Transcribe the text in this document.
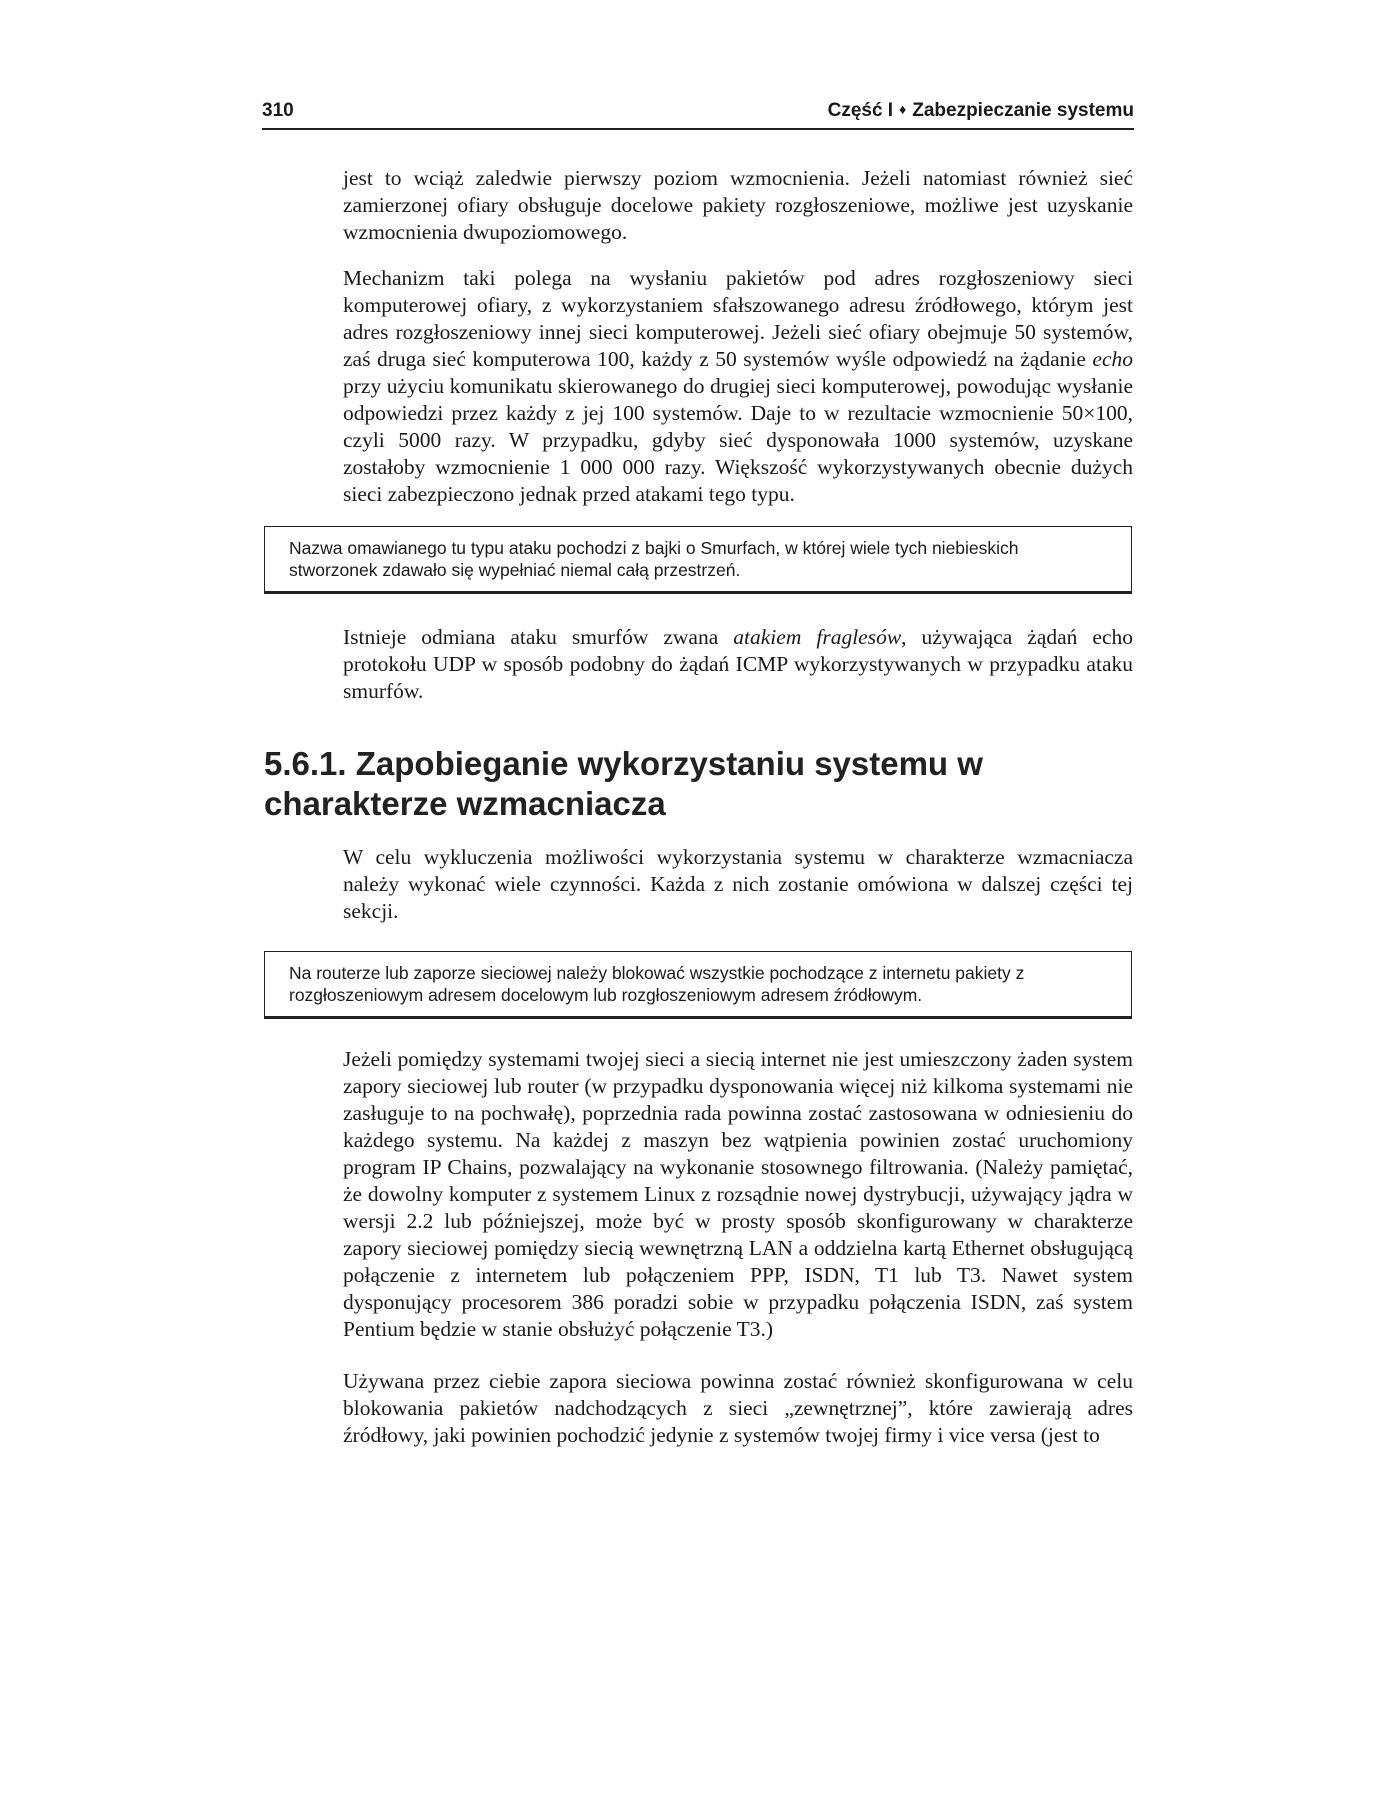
310	Część I ♦ Zabezpieczanie systemu

jest to wciąż zaledwie pierwszy poziom wzmocnienia. Jeżeli natomiast również sieć zamierzonej ofiary obsługuje docelowe pakiety rozgłoszeniowe, możliwe jest uzyskanie wzmocnienia dwupoziomowego.

Mechanizm taki polega na wysłaniu pakietów pod adres rozgłoszeniowy sieci komputerowej ofiary, z wykorzystaniem sfałszowanego adresu źródłowego, którym jest adres rozgłoszeniowy innej sieci komputerowej. Jeżeli sieć ofiary obejmuje 50 systemów, zaś druga sieć komputerowa 100, każdy z 50 systemów wyśle odpowiedź na żądanie echo przy użyciu komunikatu skierowanego do drugiej sieci komputerowej, powodując wysłanie odpowiedzi przez każdy z jej 100 systemów. Daje to w rezultacie wzmocnienie 50×100, czyli 5000 razy. W przypadku, gdyby sieć dysponowała 1000 systemów, uzyskane zostałoby wzmocnienie 1 000 000 razy. Większość wykorzystywanych obecnie dużych sieci zabezpieczono jednak przed atakami tego typu.

Nazwa omawianego tu typu ataku pochodzi z bajki o Smurfach, w której wiele tych niebieskich stworzonek zdawało się wypełniać niemal całą przestrzeń.

Istnieje odmiana ataku smurfów zwana atakiem fraglesów, używająca żądań echo protokołu UDP w sposób podobny do żądań ICMP wykorzystywanych w przypadku ataku smurfów.

5.6.1. Zapobieganie wykorzystaniu systemu w charakterze wzmacniacza

W celu wykluczenia możliwości wykorzystania systemu w charakterze wzmacniacza należy wykonać wiele czynności. Każda z nich zostanie omówiona w dalszej części tej sekcji.

Na routerze lub zaporze sieciowej należy blokować wszystkie pochodzące z internetu pakiety z rozgłoszeniowym adresem docelowym lub rozgłoszeniowym adresem źródłowym.

Jeżeli pomiędzy systemami twojej sieci a siecią internet nie jest umieszczony żaden system zapory sieciowej lub router (w przypadku dysponowania więcej niż kilkoma systemami nie zasługuje to na pochwałę), poprzednia rada powinna zostać zastosowana w odniesieniu do każdego systemu. Na każdej z maszyn bez wątpienia powinien zostać uruchomiony program IP Chains, pozwalający na wykonanie stosownego filtrowania. (Należy pamiętać, że dowolny komputer z systemem Linux z rozsądnie nowej dystrybucji, używający jądra w wersji 2.2 lub późniejszej, może być w prosty sposób skonfigurowany w charakterze zapory sieciowej pomiędzy siecią wewnętrzną LAN a oddzielna kartą Ethernet obsługującą połączenie z internetem lub połączeniem PPP, ISDN, T1 lub T3. Nawet system dysponujący procesorem 386 poradzi sobie w przypadku połączenia ISDN, zaś system Pentium będzie w stanie obsłużyć połączenie T3.)

Używana przez ciebie zapora sieciowa powinna zostać również skonfigurowana w celu blokowania pakietów nadchodzących z sieci „zewnętrznej”, które zawierają adres źródłowy, jaki powinien pochodzić jedynie z systemów twojej firmy i vice versa (jest to
